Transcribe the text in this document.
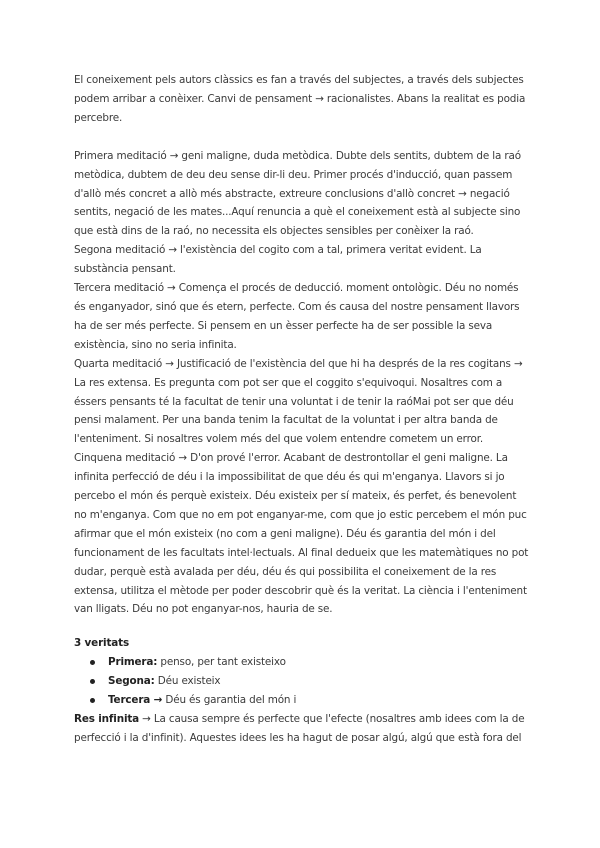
El coneixement pels autors clàssics es fan a través del subjectes, a través dels subjectes podem arribar a conèixer. Canvi de pensament → racionalistes. Abans la realitat es podia percebre.

Primera meditació → geni maligne, duda metòdica. Dubte dels sentits, dubtem de la raó metòdica, dubtem de deu deu sense dir-li deu. Primer procés d'inducció, quan passem d'allò més concret a allò més abstracte, extreure conclusions d'allò concret → negació sentits, negació de les mates...Aquí renuncia a què el coneixement està al subjecte sino que està dins de la raó, no necessita els objectes sensibles per conèixer la raó.

Segona meditació → l'existència del cogito com a tal, primera veritat evident. La substància pensant.

Tercera meditació → Comença el procés de deducció. moment ontològic. Déu no només és enganyador, sinó que és etern, perfecte. Com és causa del nostre pensament llavors ha de ser més perfecte. Si pensem en un èsser perfecte ha de ser possible la seva existència, sino no seria infinita.

Quarta meditació → Justificació de l'existència del que hi ha després de la res cogitans → La res extensa. Es pregunta com pot ser que el coggito s'equivoqui. Nosaltres com a éssers pensants té la facultat de tenir una voluntat i de tenir la raóMai pot ser que déu pensi malament. Per una banda tenim la facultat de la voluntat i per altra banda de l'enteniment. Si nosaltres volem més del que volem entendre cometem un error.

Cinquena meditació → D'on prové l'error. Acabant de destrontollar el geni maligne. La infinita perfecció de déu i la impossibilitat de que déu és qui m'enganya. Llavors si jo percebo el món és perquè existeix. Déu existeix per sí mateix, és perfet, és benevolent no m'enganya. Com que no em pot enganyar-me, com que jo estic percebem el món puc afirmar que el món existeix (no com a geni maligne). Déu és garantia del món i del funcionament de les facultats intel·lectuals. Al final dedueix que les matemàtiques no pot dudar, perquè està avalada per déu, déu és qui possibilita el coneixement de la res extensa, utilitza el mètode per poder descobrir què és la veritat. La ciència i l'enteniment van lligats. Déu no pot enganyar-nos, hauria de se.

3 veritats

Primera: penso, per tant existeixo
Segona: Déu existeix
Tercera → Déu és garantia del món i

Res infinita → La causa sempre és perfecte que l'efecte (nosaltres amb idees com la de perfecció i la d'infinit). Aquestes idees les ha hagut de posar algú, algú que està fora del
